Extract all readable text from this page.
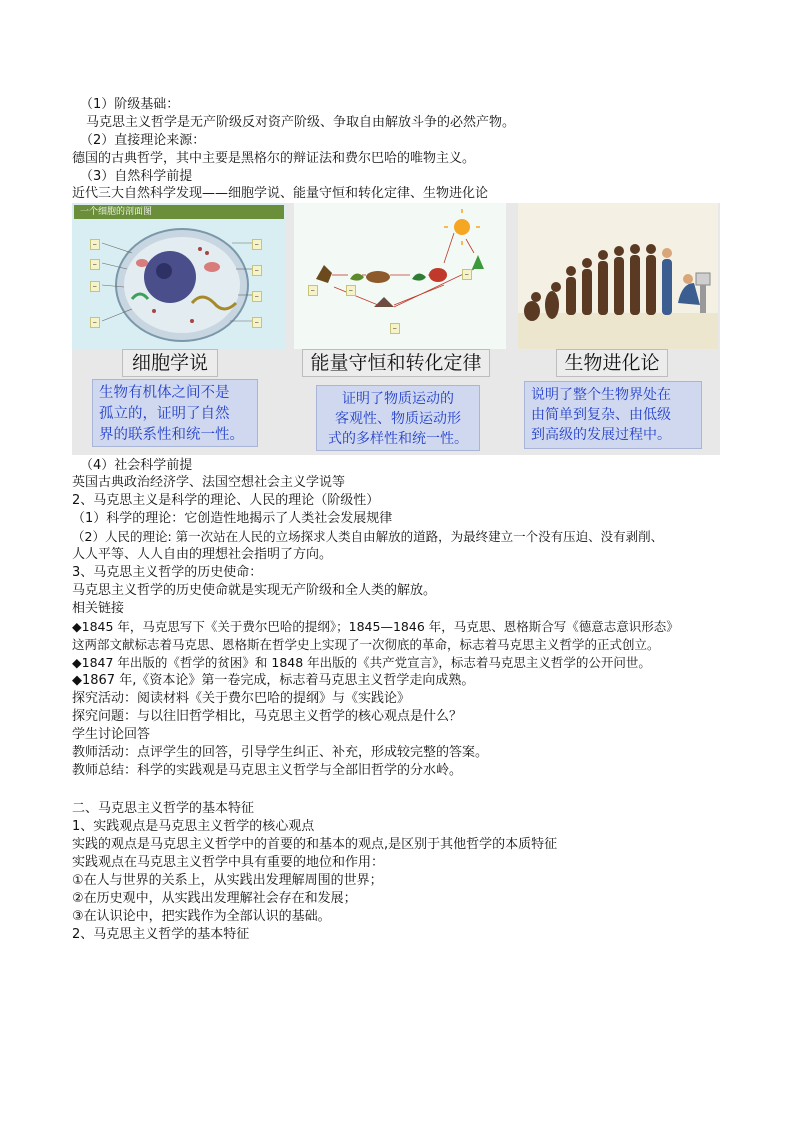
（1）阶级基础：
马克思主义哲学是无产阶级反对资产阶级、争取自由解放斗争的必然产物。
（2）直接理论来源：
德国的古典哲学，其中主要是黑格尔的辩证法和费尔巴哈的唯物主义。
（3）自然科学前提
近代三大自然科学发现——细胞学说、能量守恒和转化定律、生物进化论
一个细胞的剖面图
⎯
⎯
⎯
⎯
⎯
⎯
⎯
⎯
⎯	⎯
⎯
⎯
细胞学说	能量守恒和转化定律	生物进化论
生物有机体之间不是
孤立的，证明了自然
界的联系性和统一性。
证明了物质运动的
客观性、物质运动形
式的多样性和统一性。
说明了整个生物界处在
由简单到复杂、由低级
到高级的发展过程中。
（4）社会科学前提
英国古典政治经济学、法国空想社会主义学说等
2、马克思主义是科学的理论、人民的理论（阶级性）
（1）科学的理论：它创造性地揭示了人类社会发展规律
（2）人民的理论: 第一次站在人民的立场探求人类自由解放的道路，为最终建立一个没有压迫、没有剥削、
人人平等、人人自由的理想社会指明了方向。
3、马克思主义哲学的历史使命：
马克思主义哲学的历史使命就是实现无产阶级和全人类的解放。
相关链接
◆1845 年，马克思写下《关于费尔巴哈的提纲》；1845—1846 年，马克思、恩格斯合写《德意志意识形态》
这两部文献标志着马克思、恩格斯在哲学史上实现了一次彻底的革命，标志着马克思主义哲学的正式创立。
◆1847 年出版的《哲学的贫困》和 1848 年出版的《共产党宣言》，标志着马克思主义哲学的公开问世。
◆1867 年,《资本论》第一卷完成，标志着马克思主义哲学走向成熟。
探究活动：阅读材料《关于费尔巴哈的提纲》与《实践论》
探究问题：与以往旧哲学相比，马克思主义哲学的核心观点是什么？
学生讨论回答
教师活动：点评学生的回答，引导学生纠正、补充，形成较完整的答案。
教师总结：科学的实践观是马克思主义哲学与全部旧哲学的分水岭。
二、马克思主义哲学的基本特征
1、实践观点是马克思主义哲学的核心观点
实践的观点是马克思主义哲学中的首要的和基本的观点,是区别于其他哲学的本质特征
实践观点在马克思主义哲学中具有重要的地位和作用：
①在人与世界的关系上，从实践出发理解周围的世界；
②在历史观中，从实践出发理解社会存在和发展；
③在认识论中，把实践作为全部认识的基础。
2、马克思主义哲学的基本特征
